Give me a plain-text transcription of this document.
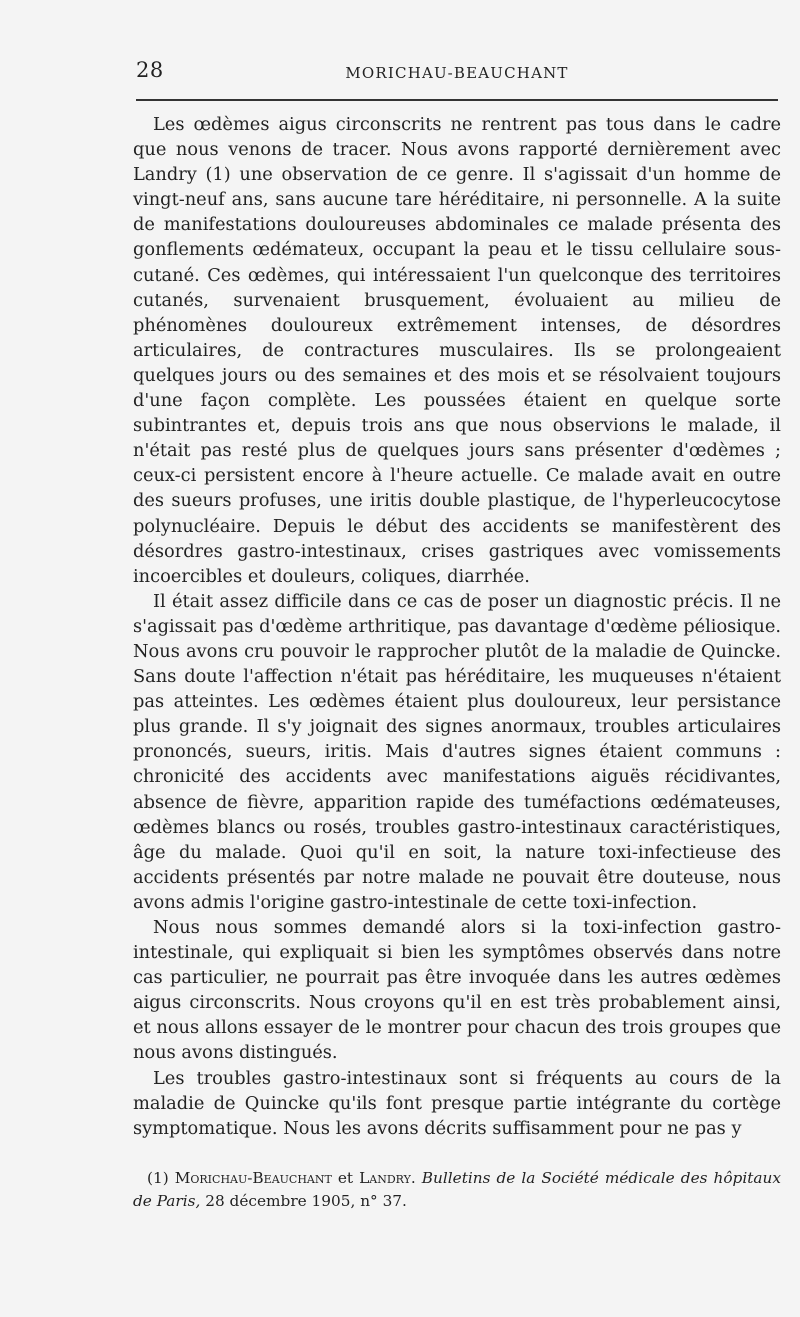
28	MORICHAU-BEAUCHANT

Les œdèmes aigus circonscrits ne rentrent pas tous dans le cadre que nous venons de tracer. Nous avons rapporté dernièrement avec Landry (1) une observation de ce genre. Il s'agissait d'un homme de vingt-neuf ans, sans aucune tare héréditaire, ni personnelle. A la suite de manifestations douloureuses abdominales ce malade présenta des gonflements œdémateux, occupant la peau et le tissu cellulaire sous-cutané. Ces œdèmes, qui intéressaient l'un quelconque des territoires cutanés, survenaient brusquement, évoluaient au milieu de phénomènes douloureux extrêmement intenses, de désordres articulaires, de contractures musculaires. Ils se prolongeaient quelques jours ou des semaines et des mois et se résolvaient toujours d'une façon complète. Les poussées étaient en quelque sorte subintrantes et, depuis trois ans que nous observions le malade, il n'était pas resté plus de quelques jours sans présenter d'œdèmes ; ceux-ci persistent encore à l'heure actuelle. Ce malade avait en outre des sueurs profuses, une iritis double plastique, de l'hyperleucocytose polynucléaire. Depuis le début des accidents se manifestèrent des désordres gastro-intestinaux, crises gastriques avec vomissements incoercibles et douleurs, coliques, diarrhée.

Il était assez difficile dans ce cas de poser un diagnostic précis. Il ne s'agissait pas d'œdème arthritique, pas davantage d'œdème péliosique. Nous avons cru pouvoir le rapprocher plutôt de la maladie de Quincke. Sans doute l'affection n'était pas héréditaire, les muqueuses n'étaient pas atteintes. Les œdèmes étaient plus douloureux, leur persistance plus grande. Il s'y joignait des signes anormaux, troubles articulaires prononcés, sueurs, iritis. Mais d'autres signes étaient communs : chronicité des accidents avec manifestations aiguës récidivantes, absence de fièvre, apparition rapide des tuméfactions œdémateuses, œdèmes blancs ou rosés, troubles gastro-intestinaux caractéristiques, âge du malade. Quoi qu'il en soit, la nature toxi-infectieuse des accidents présentés par notre malade ne pouvait être douteuse, nous avons admis l'origine gastro-intestinale de cette toxi-infection.

Nous nous sommes demandé alors si la toxi-infection gastro-intestinale, qui expliquait si bien les symptômes observés dans notre cas particulier, ne pourrait pas être invoquée dans les autres œdèmes aigus circonscrits. Nous croyons qu'il en est très probablement ainsi, et nous allons essayer de le montrer pour chacun des trois groupes que nous avons distingués.

Les troubles gastro-intestinaux sont si fréquents au cours de la maladie de Quincke qu'ils font presque partie intégrante du cortège symptomatique. Nous les avons décrits suffisamment pour ne pas y

(1) Morichau-Beauchant et Landry. Bulletins de la Société médicale des hôpitaux de Paris, 28 décembre 1905, n° 37.
